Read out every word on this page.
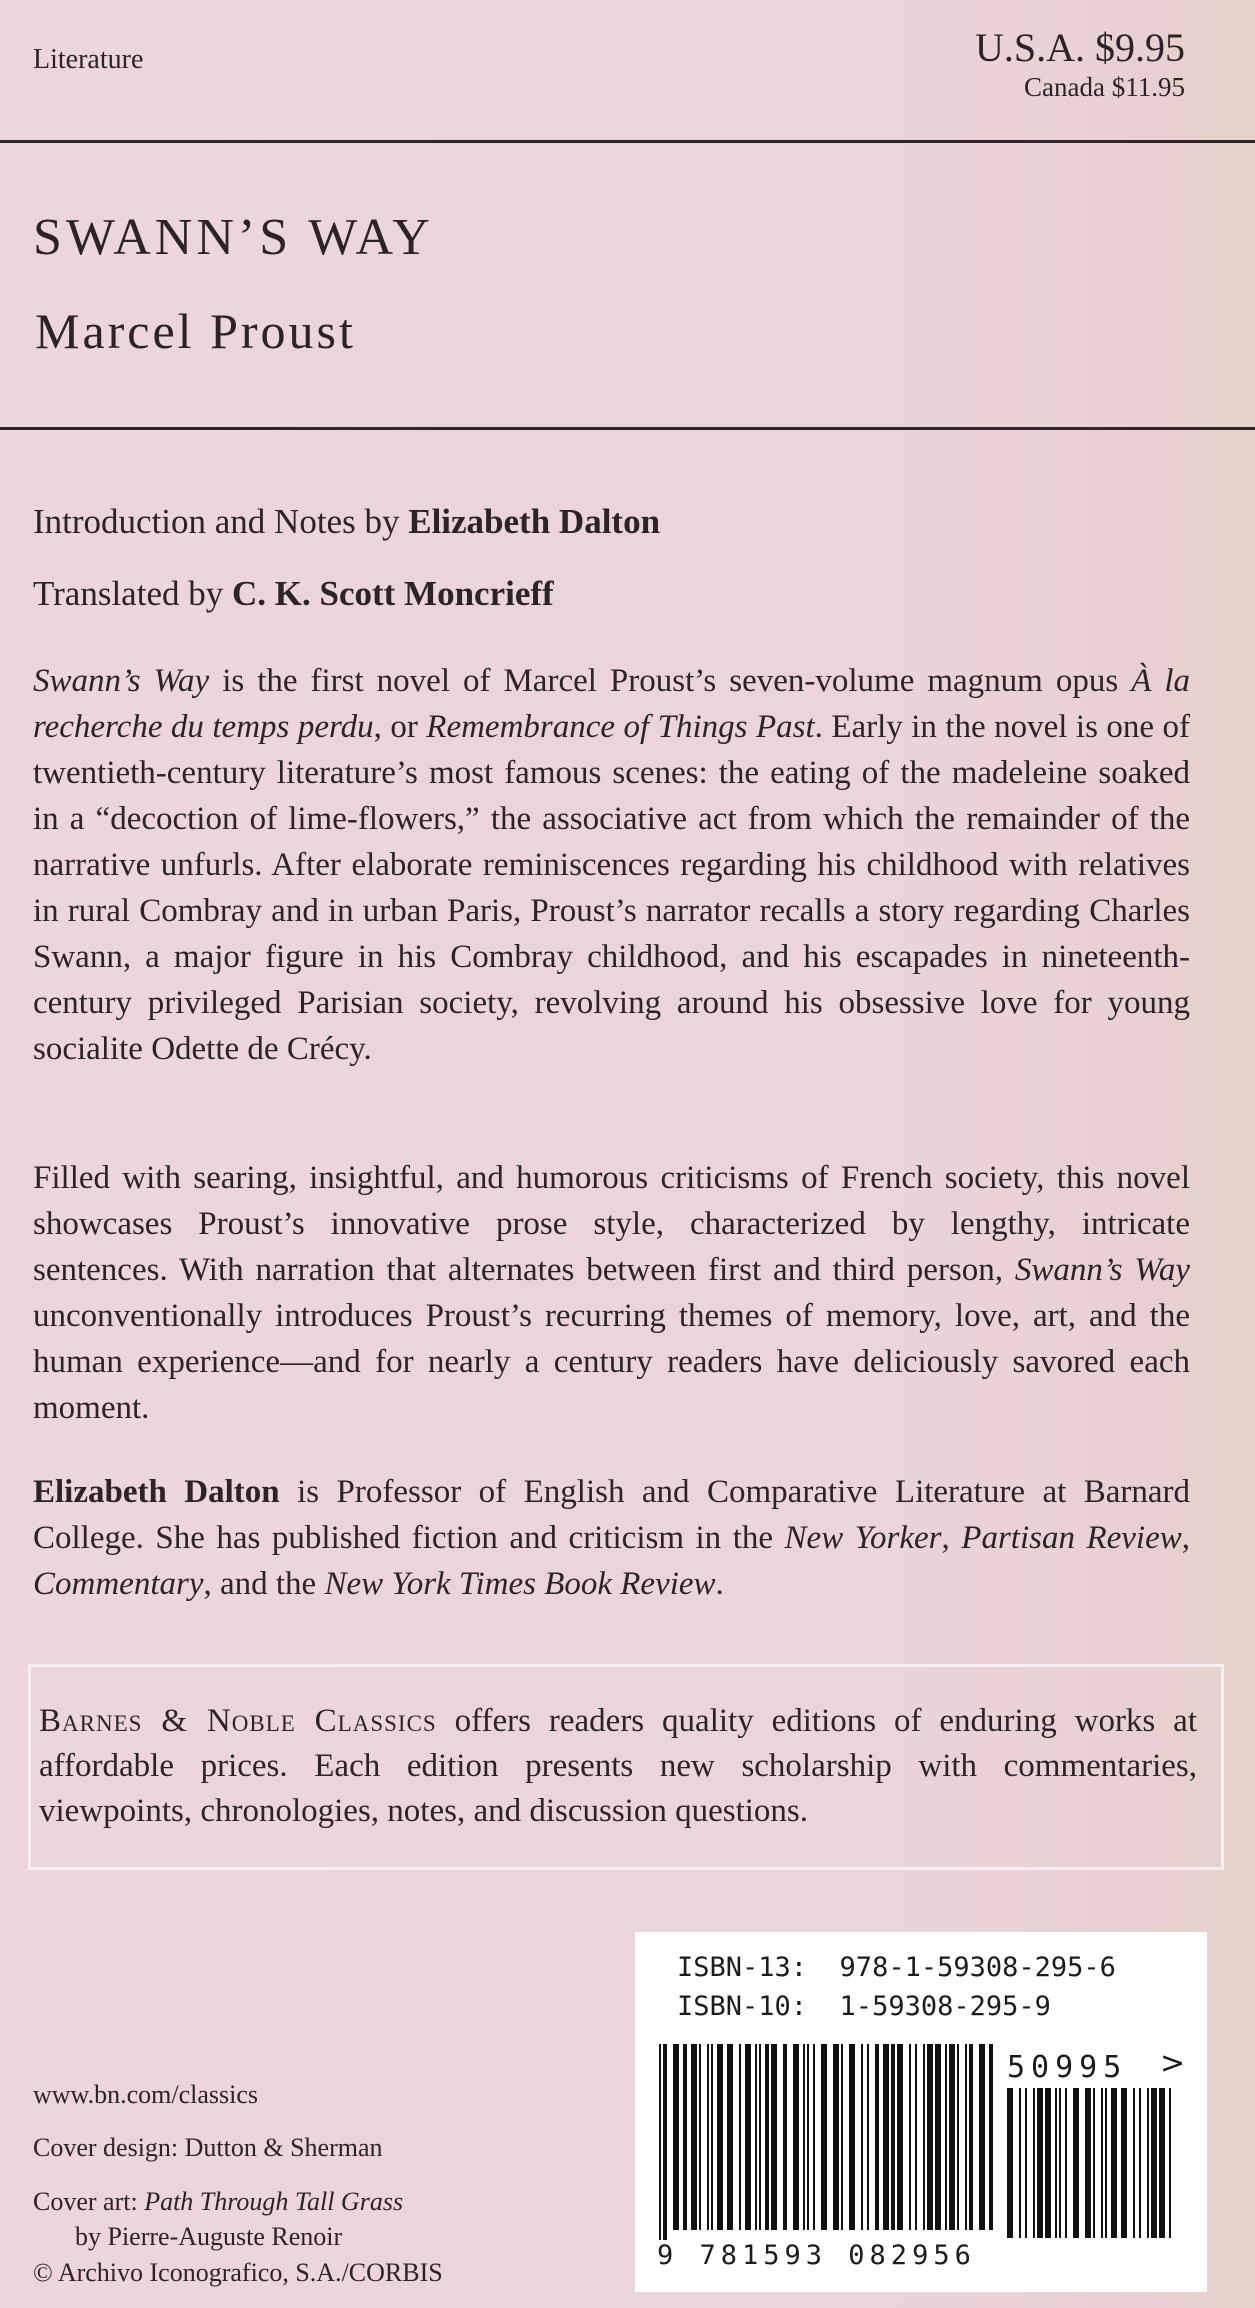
Literature	U.S.A. $9.95
Canada $11.95
SWANN’S WAY
Marcel Proust
Introduction and Notes by Elizabeth Dalton
Translated by C. K. Scott Moncrieff
Swann’s Way is the first novel of Marcel Proust’s seven-volume magnum opus À la recherche du temps perdu, or Remembrance of Things Past. Early in the novel is one of twentieth-century literature’s most famous scenes: the eating of the madeleine soaked in a “decoction of lime-flowers,” the associative act from which the remainder of the narrative unfurls. After elaborate reminiscences regarding his childhood with relatives in rural Combray and in urban Paris, Proust’s narrator recalls a story regarding Charles Swann, a major figure in his Combray childhood, and his escapades in nineteenth-century privileged Parisian society, revolving around his obsessive love for young socialite Odette de Crécy.
Filled with searing, insightful, and humorous criticisms of French society, this novel showcases Proust’s innovative prose style, characterized by lengthy, intricate sentences. With narration that alternates between first and third person, Swann’s Way unconventionally introduces Proust’s recurring themes of memory, love, art, and the human experience—and for nearly a century readers have deliciously savored each moment.
Elizabeth Dalton is Professor of English and Comparative Literature at Barnard College. She has published fiction and criticism in the New Yorker, Partisan Review, Commentary, and the New York Times Book Review.
Barnes & Noble Classics offers readers quality editions of enduring works at affordable prices. Each edition presents new scholarship with commentaries, viewpoints, chronologies, notes, and discussion questions.
www.bn.com/classics
Cover design: Dutton & Sherman
Cover art: Path Through Tall Grass
by Pierre-Auguste Renoir
© Archivo Iconografico, S.A./CORBIS
ISBN-13:  978-1-59308-295-6
ISBN-10:  1-59308-295-9
50995 >
9 781593 082956
